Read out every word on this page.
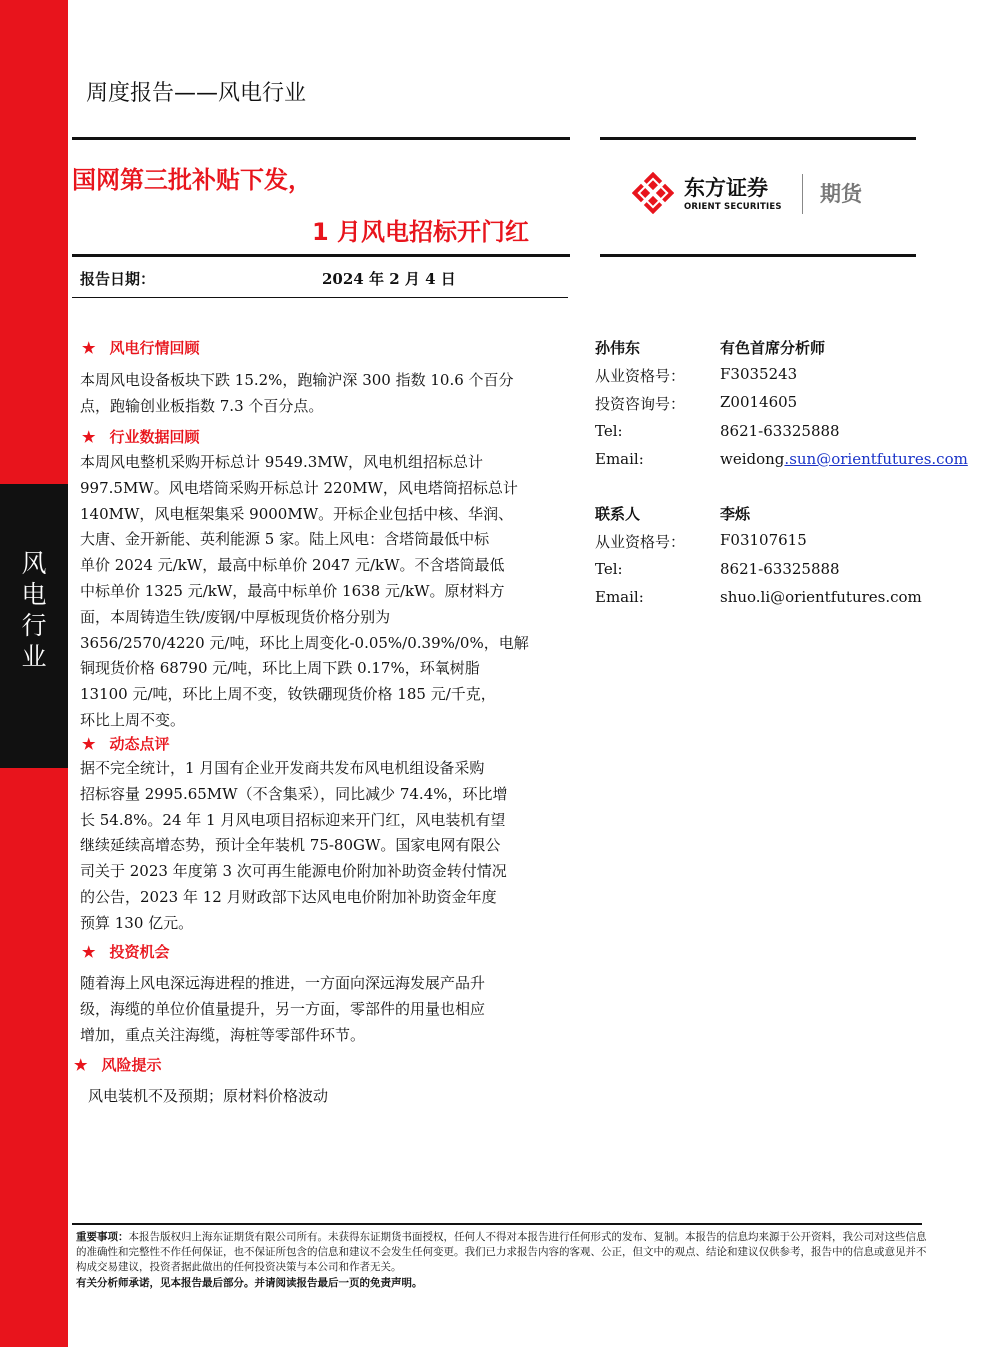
风
电
行
业
周度报告——风电行业
国网第三批补贴下发，
1 月风电招标开门红
东方证券
ORIENT SECURITIES
期货
报告日期：	2024 年 2 月 4 日
★ 风电行情回顾
本周风电设备板块下跌 15.2%，跑输沪深 300 指数 10.6 个百分
点，跑输创业板指数 7.3 个百分点。
★ 行业数据回顾
本周风电整机采购开标总计 9549.3MW，风电机组招标总计
997.5MW。风电塔筒采购开标总计 220MW，风电塔筒招标总计
140MW，风电框架集采 9000MW。开标企业包括中核、华润、
大唐、金开新能、英利能源 5 家。陆上风电：含塔筒最低中标
单价 2024 元/kW，最高中标单价 2047 元/kW。不含塔筒最低
中标单价 1325 元/kW，最高中标单价 1638 元/kW。原材料方
面，本周铸造生铁/废钢/中厚板现货价格分别为
3656/2570/4220 元/吨，环比上周变化-0.05%/0.39%/0%，电解
铜现货价格 68790 元/吨，环比上周下跌 0.17%，环氧树脂
13100 元/吨，环比上周不变，钕铁硼现货价格 185 元/千克，
环比上周不变。
★ 动态点评
据不完全统计，1 月国有企业开发商共发布风电机组设备采购
招标容量 2995.65MW（不含集采），同比减少 74.4%，环比增
长 54.8%。24 年 1 月风电项目招标迎来开门红，风电装机有望
继续延续高增态势，预计全年装机 75-80GW。国家电网有限公
司关于 2023 年度第 3 次可再生能源电价附加补助资金转付情况
的公告，2023 年 12 月财政部下达风电电价附加补助资金年度
预算 130 亿元。
★ 投资机会
随着海上风电深远海进程的推进，一方面向深远海发展产品升
级，海缆的单位价值量提升，另一方面，零部件的用量也相应
增加，重点关注海缆，海桩等零部件环节。
★ 风险提示
风电装机不及预期；原材料价格波动
孙伟东	有色首席分析师
从业资格号： F3035243
投资咨询号： Z0014605
Tel:	8621-63325888
Email:	weidong.sun@orientfutures.com
联系人	李烁
从业资格号： F03107615
Tel:	8621-63325888
Email:	shuo.li@orientfutures.com
重要事项：本报告版权归上海东证期货有限公司所有。未获得东证期货书面授权，任何人不得对本报告进行任何形式的发布、复制。本报告的信息均来源于公开资料，我公司对这些信息的准确性和完整性不作任何保证，也不保证所包含的信息和建议不会发生任何变更。我们已力求报告内容的客观、公正，但文中的观点、结论和建议仅供参考，报告中的信息或意见并不构成交易建议，投资者据此做出的任何投资决策与本公司和作者无关。
有关分析师承诺，见本报告最后部分。并请阅读报告最后一页的免责声明。
